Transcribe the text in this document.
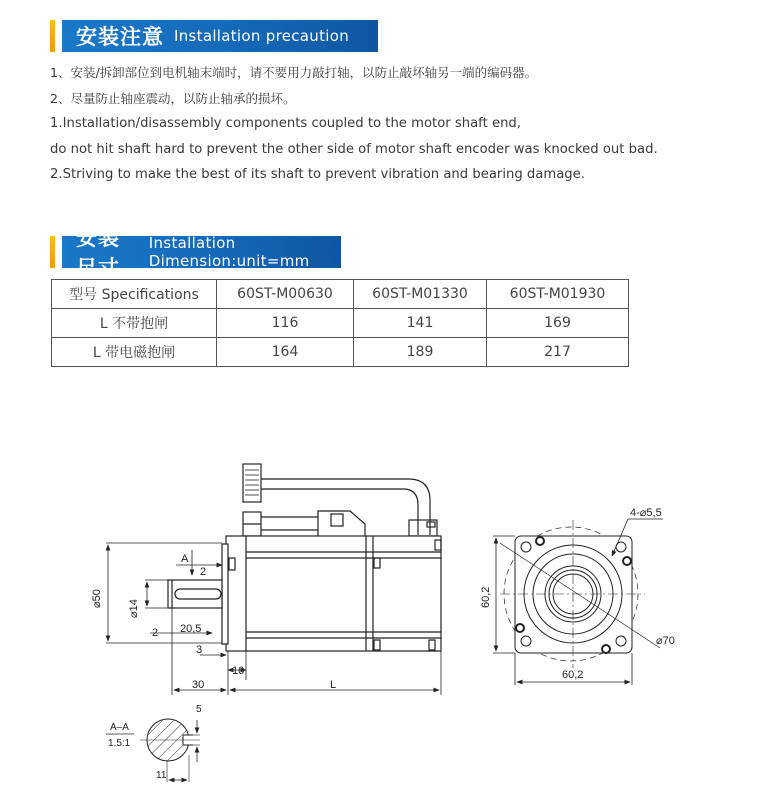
安装注意 Installation precaution
1、安装/拆卸部位到电机轴末端时，请不要用力敲打轴，以防止敲坏轴另一端的编码器。
2、尽量防止轴座震动，以防止轴承的损坏。
1.Installation/disassembly components coupled to the motor shaft end,
do not hit shaft hard to prevent the other side of motor shaft encoder was knocked out bad.
2.Striving to make the best of its shaft to prevent vibration and bearing damage.
安装尺寸
Installation Dimension:unit=mm
型号 Specifications	60ST-M00630	60ST-M01330	60ST-M01930
L 不带抱闸	116	141	169
L 带电磁抱闸	164	189	217
A
2
⌀50
⌀14
2 20,5
3
10
30	L
A–A
1.5:1
5
11
4-⌀5,5
⌀70
60,2
60,2
